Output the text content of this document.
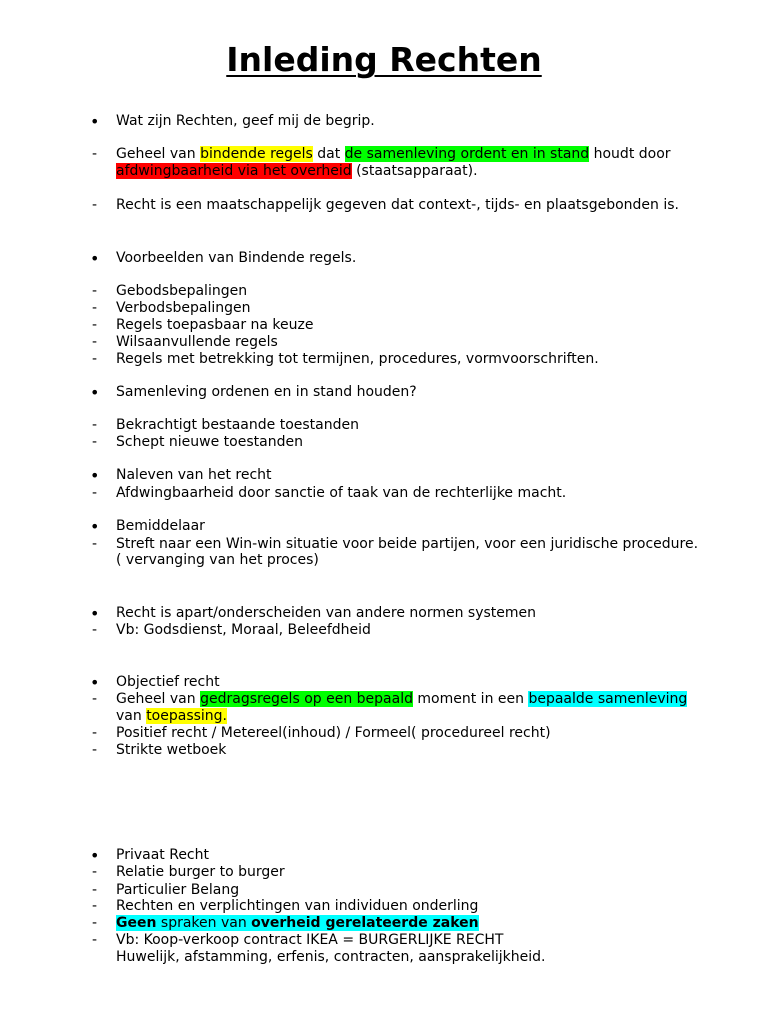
Inleding Rechten
•	Wat zijn Rechten, geef mij de begrip.
-	Geheel van bindende regels dat de samenleving ordent en in stand houdt door
afdwingbaarheid via het overheid (staatsapparaat).
-	Recht is een maatschappelijk gegeven dat context-, tijds- en plaatsgebonden is.
•	Voorbeelden van Bindende regels.
-	Gebodsbepalingen
-	Verbodsbepalingen
-	Regels toepasbaar na keuze
-	Wilsaanvullende regels
-	Regels met betrekking tot termijnen, procedures, vormvoorschriften.
•	Samenleving ordenen en in stand houden?
-	Bekrachtigt bestaande toestanden
-	Schept nieuwe toestanden
•	Naleven van het recht
-	Afdwingbaarheid door sanctie of taak van de rechterlijke macht.
•	Bemiddelaar
-	Streft naar een Win-win situatie voor beide partijen, voor een juridische procedure.
( vervanging van het proces)
•	Recht is apart/onderscheiden van andere normen systemen
-	Vb: Godsdienst, Moraal, Beleefdheid
•	Objectief recht
-	Geheel van gedragsregels op een bepaald moment in een bepaalde samenleving
van toepassing.
-	Positief recht / Metereel(inhoud) / Formeel( procedureel recht)
-	Strikte wetboek
•	Privaat Recht
-	Relatie burger to burger
-	Particulier Belang
-	Rechten en verplichtingen van individuen onderling
-	Geen spraken van overheid gerelateerde zaken
-	Vb: Koop-verkoop contract IKEA = BURGERLIJKE RECHT
Huwelijk, afstamming, erfenis, contracten, aansprakelijkheid.
